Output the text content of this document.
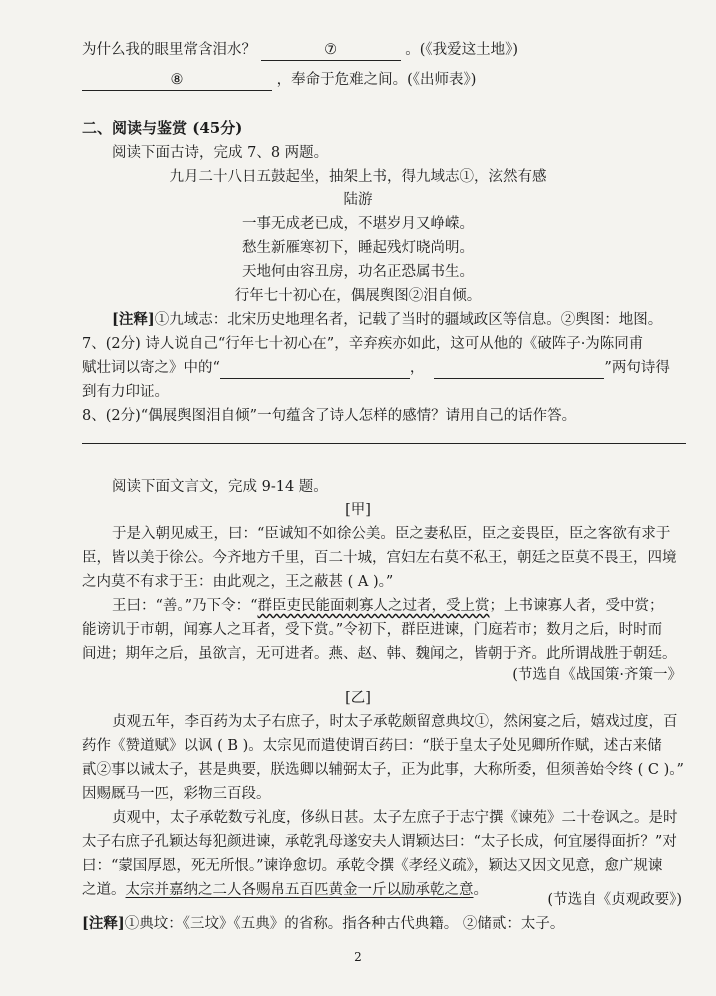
为什么我的眼里常含泪水？	⑦	。(《我爱这土地》)
⑧	，奉命于危难之间。(《出师表》)
二、阅读与鉴赏 (45分)
阅读下面古诗，完成 7、8 两题。
九月二十八日五鼓起坐，抽架上书，得九域志①，泫然有感
陆游
一事无成老已成，不堪岁月又峥嵘。
愁生新雁寒初下，睡起残灯晓尚明。
天地何由容丑房，功名正恐属书生。
行年七十初心在，偶展舆图②泪自倾。
[注释]①九域志：北宋历史地理名者，记载了当时的疆域政区等信息。②舆图：地图。
7、(2分) 诗人说自己“行年七十初心在”，辛弃疾亦如此，这可从他的《破阵子·为陈同甫
赋壮词以寄之》中的“	，	”两句诗得
到有力印证。
8、(2分)“偶展舆图泪自倾”一句蕴含了诗人怎样的感情？请用自己的话作答。
阅读下面文言文，完成 9-14 题。
[甲]
于是入朝见威王，曰：“臣诚知不如徐公美。臣之妻私臣，臣之妾畏臣，臣之客欲有求于
臣，皆以美于徐公。今齐地方千里，百二十城，宫妇左右莫不私王，朝廷之臣莫不畏王，四境
之内莫不有求于王：由此观之，王之蔽甚 ( A )。”
王曰：“善。”乃下令：“群臣吏民能面刺寡人之过者，受上赏；上书谏寡人者，受中赏；
能谤讥于市朝，闻寡人之耳者，受下赏。”令初下，群臣进谏，门庭若市；数月之后，时时而
间进；期年之后，虽欲言，无可进者。燕、赵、韩、魏闻之，皆朝于齐。此所谓战胜于朝廷。
(节选自《战国策·齐策一》
[乙]
贞观五年，李百药为太子右庶子，时太子承乾颇留意典坟①，然闲宴之后，嬉戏过度，百
药作《赞道赋》以讽 ( B )。太宗见而遣使谓百药曰：“朕于皇太子处见卿所作赋，述古来储
貳②事以诫太子，甚是典要，朕选卿以辅弼太子，正为此事，大称所委，但须善始令终 ( C )。”
因赐厩马一匹，彩物三百段。
贞观中，太子承乾数亏礼度，侈纵日甚。太子左庶子于志宁撰《谏苑》二十卷讽之。是时
太子右庶子孔颖达每犯颜进谏，承乾乳母遂安夫人谓颖达曰：“太子长成，何宜屡得面折？”对
曰：“蒙国厚恩，死无所恨。”谏诤愈切。承乾令撰《孝经义疏》，颖达又因文见意，愈广规谏
之道。太宗并嘉纳之二人各赐帛五百匹黄金一斤以励承乾之意。
(节选自《贞观政要》)
[注释]①典坟：《三坟》《五典》的省称。指各种古代典籍。 ②储贰：太子。
2
